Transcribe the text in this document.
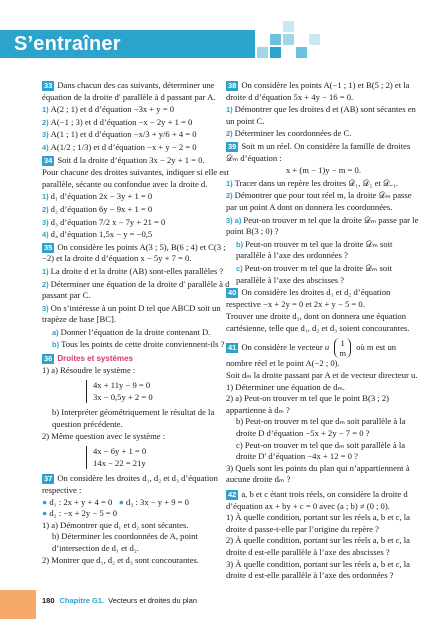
S’entraîner
33 Dans chacun des cas suivants, déterminer une équation de la droite d′ parallèle à d passant par A.
1) A(2 ; 1) et d d’équation −3x + y = 0
2) A(−1 ; 3) et d d’équation −x − 2y + 1 = 0
3) A(1 ; 1) et d d’équation −x/3 + y/6 + 4 = 0
4) A(1/2 ; 1/3) et d d’équation −x + y − 2 = 0
34 Soit d la droite d’équation 3x − 2y + 1 = 0.
Pour chacune des droites suivantes, indiquer si elle est parallèle, sécante ou confondue avec la droite d.
1) d₁ d’équation 2x − 3y + 1 = 0
2) d₂ d’équation 6y − 9x + 1 = 0
3) d₃ d’équation 7/2 x − 7y + 21 = 0
4) d₄ d’équation 1,5x − y = −0,5
35 On considère les points A(3 ; 5), B(6 ; 4) et C(3 ; −2) et la droite d d’équation x − 5y + 7 = 0.
1) La droite d et la droite (AB) sont-elles parallèles ?
2) Déterminer une équation de la droite d′ parallèle à d passant par C.
3) On s’intéresse à un point D tel que ABCD soit un trapèze de base [BC].
a) Donner l’équation de la droite contenant D.
b) Tous les points de cette droite conviennent-ils ?
36 Droites et systèmes
1) a) Résoudre le système :
4x + 11y − 9 = 0
3x − 0,5y + 2 = 0
b) Interpréter géométriquement le résultat de la question précédente.
2) Même question avec le système :
4x − 6y + 1 = 0
14x − 22 = 21y
37 On considère les droites d₁, d₂ et d₃ d’équation respective :
● d₁ : 2x + y + 4 = 0 ● d₃ : 3x − y + 9 = 0
● d₂ : −x + 2y − 5 = 0
1) a) Démontrer que d₁ et d₂ sont sécantes.
b) Déterminer les coordonnées de A, point d’intersection de d₁ et d₂.
2) Montrer que d₁, d₂ et d₃ sont concourantes.
38 On considère les points A(−1 ; 1) et B(5 ; 2) et la droite d d’équation 5x + 4y − 16 = 0.
1) Démontrer que les droites d et (AB) sont sécantes en un point C.
2) Déterminer les coordonnées de C.
39 Soit m un réel. On considère la famille de droites 𝒟ₘ d’équation :
x + (m − 1)y − m = 0.
1) Tracer dans un repère les droites 𝒟₁, 𝒟₂ et 𝒟₋₁.
2) Démontrer que pour tout réel m, la droite 𝒟ₘ passe par un point A dont on donnera les coordonnées.
3) a) Peut-on trouver m tel que la droite 𝒟ₘ passe par le point B(3 ; 0) ?
b) Peut-on trouver m tel que la droite 𝒟ₘ soit parallèle à l’axe des ordonnées ?
c) Peut-on trouver m tel que la droite 𝒟ₘ soit parallèle à l’axe des abscisses ?
40 On considère les droites d₁ et d₂ d’équation respective −x + 2y = 0 et 2x + y − 5 = 0.
Trouver une droite d₃, dont on donnera une équation cartésienne, telle que d₁, d₂ et d₃ soient concourantes.
41 On considère le vecteur u 1
m où m est un nombre réel et le point A(−2 ; 0).
Soit dₘ la droite passant par A et de vecteur directeur u.
1) Déterminer une équation de dₘ.
2) a) Peut-on trouver m tel que le point B(3 ; 2) appartienne à dₘ ?
b) Peut-on trouver m tel que dₘ soit parallèle à la droite D d’équation −5x + 2y − 7 = 0 ?
c) Peut-on trouver m tel que dₘ soit parallèle à la droite D′ d’équation −4x + 12 = 0 ?
3) Quels sont les points du plan qui n’appartiennent à aucune droite dₘ ?
42 a, b et c étant trois réels, on considère la droite d d’équation ax + by + c = 0 avec (a ; b) ≠ (0 ; 0).
1) À quelle condition, portant sur les réels a, b et c, la droite d passe-t-elle par l’origine du repère ?
2) À quelle condition, portant sur les réels a, b et c, la droite d est-elle parallèle à l’axe des abscisses ?
3) À quelle condition, portant sur les réels a, b et c, la droite d est-elle parallèle à l’axe des ordonnées ?
180 Chapitre G1. Vecteurs et droites du plan
